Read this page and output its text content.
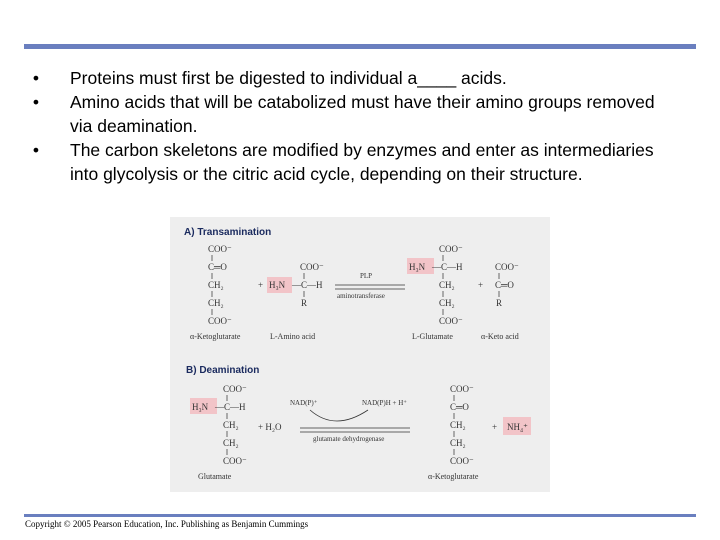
• Proteins must first be digested to individual a____ acids.
• Amino acids that will be catabolized must have their amino groups removed via deamination.
• The carbon skeletons are modified by enzymes and enter as intermediaries into glycolysis or the citric acid cycle, depending on their structure.
A) Transamination
COO⁻
C═O
CH₂
CH₂
COO⁻
α-Ketoglutarate
+ H₃N
COO⁻
—C—H
R
L-Amino acid
PLP
aminotransferase
COO⁻
H₃N —C—H
CH₂
CH₂
COO⁻
L-Glutamate
+
COO⁻
C═O
R
α-Keto acid
B) Deamination
COO⁻
H₃N —C—H
CH₂
CH₂
COO⁻
Glutamate
+ H₂O
NAD(P)⁺	NAD(P)H + H⁺
glutamate dehydrogenase
COO⁻
C═O
CH₂
CH₂
COO⁻
α-Ketoglutarate
+ NH₄⁺
Copyright © 2005 Pearson Education, Inc. Publishing as Benjamin Cummings
